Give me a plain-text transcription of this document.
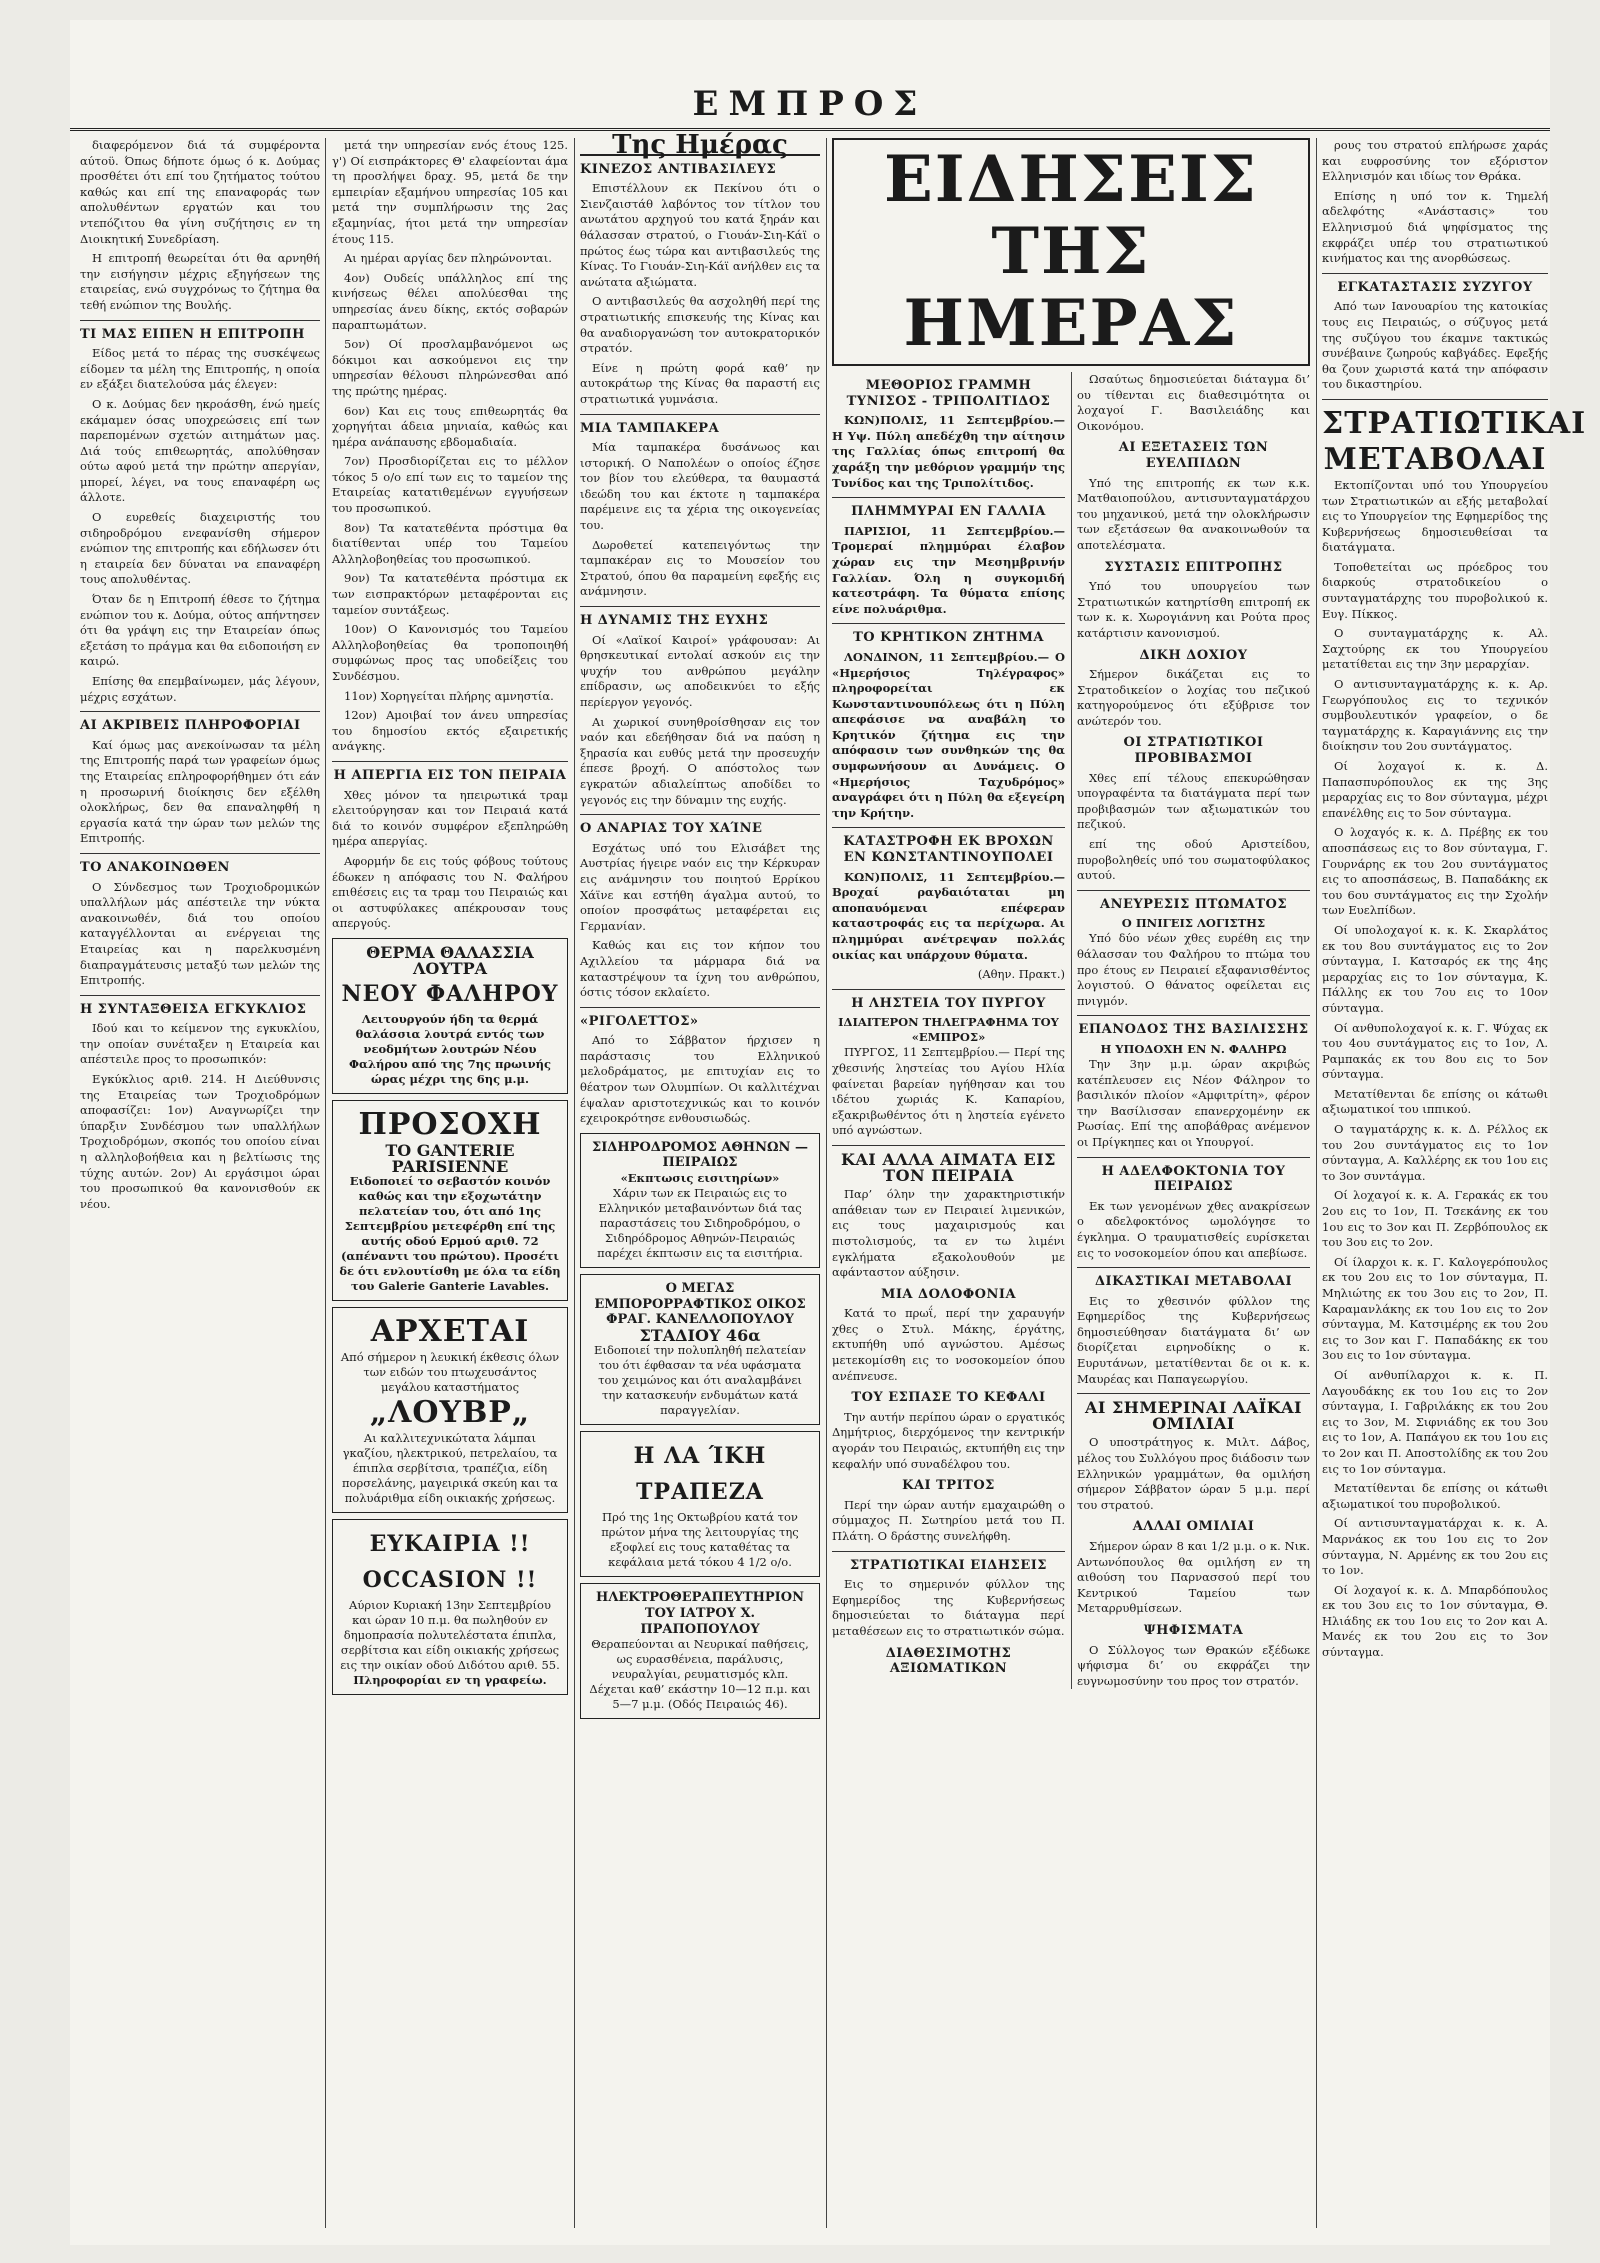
ΕΜΠΡΟΣ

διαφερόμενον διά τά συμφέροντα αύτοϋ. Όπως δήποτε όμως ό κ. Δούμας προσθέτει ότι επί του ζητήματος τούτου καθώς και επί της επαναφοράς των απολυθέντων εργατών και του ντεπόζιτου θα γίνη συζήτησις εν τη Διοικητική Συνεδρίαση.

Η επιτροπή θεωρείται ότι θα αρνηθή την εισήγησιν μέχρις εξηγήσεων της εταιρείας, ενώ συγχρόνως το ζήτημα θα τεθή ενώπιον της Βουλής.

ΤΙ ΜΑΣ ΕΙΠΕΝ Η ΕΠΙΤΡΟΠΗ

Είδος μετά το πέρας της συσκέψεως είδομεν τα μέλη της Επιτροπής, η οποία εν εξάξει διατελούσα μάς έλεγεν:

Ο κ. Δούμας δεν ηκροάσθη, ένώ ημείς εκάμαμεν όσας υποχρεώσεις επί των παρεπομένων σχετών αιτημάτων μας. Διά τούς επιθεωρητάς, απολύθησαν ούτω αφού μετά την πρώτην απεργίαν, μπορεί, λέγει, να τους επαναφέρη ως άλλοτε.

Ο ευρεθείς διαχειριστής του σιδηροδρόμου ενεφανίσθη σήμερον ενώπιον της επιτροπής και εδήλωσεν ότι η εταιρεία δεν δύναται να επαναφέρη τους απολυθέντας.

Όταν δε η Επιτροπή έθεσε το ζήτημα ενώπιον του κ. Δούμα, ούτος απήντησεν ότι θα γράψη εις την Εταιρείαν όπως εξετάση το πράγμα και θα ειδοποιήση εν καιρώ.

Επίσης θα επεμβαίνωμεν, μάς λέγουν, μέχρις εσχάτων.

ΑΙ ΑΚΡΙΒΕΙΣ ΠΛΗΡΟΦΟΡΙΑΙ

Καί όμως μας ανεκοίνωσαν τα μέλη της Επιτροπής παρά των γραφείων όμως της Εταιρείας επληροφορήθημεν ότι εάν η προσωρινή διοίκησις δεν εξέλθη ολοκλήρως, δεν θα επαναληφθή η εργασία κατά την ώραν των μελών της Επιτροπής.

ΤΟ ΑΝΑΚΟΙΝΩΘΕΝ

Ο Σύνδεσμος των Τροχιοδρομικών υπαλλήλων μάς απέστειλε την νύκτα ανακοινωθέν, διά του οποίου καταγγέλλονται αι ενέργειαι της Εταιρείας και η παρελκυσμένη διαπραγμάτευσις μεταξύ των μελών της Επιτροπής.

Η ΣΥΝΤΑΞΘΕΙΣΑ ΕΓΚΥΚΛΙΟΣ

Ιδού και το κείμενον της εγκυκλίου, την οποίαν συνέταξεν η Εταιρεία και απέστειλε προς το προσωπικόν:

Εγκύκλιος αριθ. 214. Η Διεύθυνσις της Εταιρείας των Τροχιοδρόμων αποφασίζει: 1ον) Αναγνωρίζει την ύπαρξιν Συνδέσμου των υπαλλήλων Τροχιοδρόμων, σκοπός του οποίου είναι η αλληλοβοήθεια και η βελτίωσις της τύχης αυτών. 2ον) Αι εργάσιμοι ώραι του προσωπικού θα κανονισθούν εκ νέου.

μετά την υπηρεσίαν ενός έτους 125. γ') Οί εισπράκτορες Θ' ελαφείονται άμα τη προσλήψει δραχ. 95, μετά δε την εμπειρίαν εξαμήνου υπηρεσίας 105 και μετά την συμπλήρωσιν της 2ας εξαμηνίας, ήτοι μετά την υπηρεσίαν έτους 115.

Αι ημέραι αργίας δεν πληρώνονται.

4ον) Ουδείς υπάλληλος επί της κινήσεως θέλει απολύεσθαι της υπηρεσίας άνευ δίκης, εκτός σοβαρών παραπτωμάτων.

5ον) Οί προσλαμβανόμενοι ως δόκιμοι και ασκούμενοι εις την υπηρεσίαν θέλουσι πληρώνεσθαι από της πρώτης ημέρας.

6ον) Και εις τους επιθεωρητάς θα χορηγήται άδεια μηνιαία, καθώς και ημέρα ανάπαυσης εβδομαδιαία.

7ον) Προσδιορίζεται εις το μέλλον τόκος 5 ο/ο επί των εις το ταμείον της Εταιρείας κατατιθεμένων εγγυήσεων του προσωπικού.

8ον) Τα κατατεθέντα πρόστιμα θα διατίθενται υπέρ του Ταμείου Αλληλοβοηθείας του προσωπικού.

9ον) Τα κατατεθέντα πρόστιμα εκ των εισπρακτόρων μεταφέρονται εις ταμείον συντάξεως.

10ον) Ο Κανονισμός του Ταμείου Αλληλοβοηθείας θα τροποποιηθή συμφώνως προς τας υποδείξεις του Συνδέσμου.

11ον) Χορηγείται πλήρης αμνηστία.

12ον) Αμοιβαί τον άνευ υπηρεσίας του δημοσίου εκτός εξαιρετικής ανάγκης.

Η ΑΠΕΡΓΙΑ ΕΙΣ ΤΟΝ ΠΕΙΡΑΙΑ

Χθες μόνον τα ηπειρωτικά τραμ ελειτούργησαν και τον Πειραιά κατά διά το κοινόν συμφέρον εξεπληρώθη ημέρα απεργίας.

Αφορμήν δε εις τούς φόβους τούτους έδωκεν η απόφασις του Ν. Φαλήρου επιθέσεις εις τα τραμ του Πειραιώς και οι αστυφύλακες απέκρουσαν τους απεργούς.

ΘΕΡΜΑ ΘΑΛΑΣΣΙΑ ΛΟΥΤΡΑ
ΝΕΟΥ ΦΑΛΗΡΟΥ
Λειτουργούν ήδη τα θερμά θαλάσσια λουτρά εντός των νεοδμήτων λουτρών Νέου Φαλήρου από της 7ης πρωινής ώρας μέχρι της 6ης μ.μ.
ΠΡΟΣΟΧΗ
ΤΟ GANTERIE PARISIENNE
Ειδοποιεί το σεβαστόν κοινόν καθώς και την εξοχωτάτην πελατείαν του, ότι από 1ης Σεπτεμβρίου μετεφέρθη επί της αυτής οδού Ερμού αριθ. 72 (απέναντι του πρώτου). Προσέτι δε ότι ενλουτίσθη με όλα τα είδη του Galerie Ganterie Lavables.
ΑΡΧΕΤΑΙ
Από σήμερον η λευκική έκθεσις όλων των ειδών του πτωχευσάντος μεγάλου καταστήματος
„ΛΟΥΒΡ„
Αι καλλιτεχνικώτατα λάμπαι γκαζίου, ηλεκτρικού, πετρελαίου, τα έπιπλα σερβίτσια, τραπέζια, είδη πορσελάνης, μαγειρικά σκεύη και τα πολυάριθμα είδη οικιακής χρήσεως.
ΕΥΚΑΙΡΙΑ !! OCCASION !!
Αύριον Κυριακή 13ην Σεπτεμβρίου και ώραν 10 π.μ. θα πωληθούν εν δημοπρασία πολυτελέστατα έπιπλα, σερβίτσια και είδη οικιακής χρήσεως εις την οικίαν οδού Διδότου αριθ. 55.
Πληροφορίαι εν τη γραφείω.
Της Ημέρας
ΚΙΝΕΖΟΣ ΑΝΤΙΒΑΣΙΛΕΥΣ

Επιστέλλουν εκ Πεκίνου ότι ο Σιενζαιστάθ λαβόντος τον τίτλον του ανωτάτου αρχηγού του κατά ξηράν και θάλασσαν στρατού, ο Γιουάν-Σιη-Κάϊ ο πρώτος έως τώρα και αντιβασιλεύς της Κίνας. Το Γιουάν-Σιη-Κάϊ ανήλθεν εις τα ανώτατα αξιώματα.

Ο αντιβασιλεύς θα ασχοληθή περί της στρατιωτικής επισκευής της Κίνας και θα αναδιοργανώση τον αυτοκρατορικόν στρατόν.

Είνε η πρώτη φορά καθ’ ην αυτοκράτωρ της Κίνας θα παραστή εις στρατιωτικά γυμνάσια.

ΜΙΑ ΤΑΜΠΑΚΕΡΑ

Μία ταμπακέρα δυσάνωος και ιστορική. Ο Ναπολέων ο οποίος έζησε τον βίον του ελεύθερα, τα θαυμαστά ιδεώδη του και έκτοτε η ταμπακέρα παρέμεινε εις τα χέρια της οικογενείας του.

Δωροθετεί κατεπειγόντως την ταμπακέραν εις το Μουσείον του Στρατού, όπου θα παραμείνη εφεξής εις ανάμνησιν.

Η ΔΥΝΑΜΙΣ ΤΗΣ ΕΥΧΗΣ

Οί «Λαϊκοί Καιροί» γράφουσαν: Αι θρησκευτικαί εντολαί ασκούν εις την ψυχήν του ανθρώπου μεγάλην επίδρασιν, ως αποδεικνύει το εξής περίεργον γεγονός.

Αι χωρικοί συνηθροίσθησαν εις τον ναόν και εδεήθησαν διά να παύση η ξηρασία και ευθύς μετά την προσευχήν έπεσε βροχή. Ο απόστολος των εγκρατών αδιαλείπτως αποδίδει το γεγονός εις την δύναμιν της ευχής.

Ο ΑΝΑΡΙΑΣ ΤΟΥ ΧΑΊΝΕ

Εσχάτως υπό του Ελισάβετ της Αυστρίας ήγειρε ναόν εις την Κέρκυραν εις ανάμνησιν του ποιητού Ερρίκου Χάϊνε και εστήθη άγαλμα αυτού, το οποίον προσφάτως μεταφέρεται εις Γερμανίαν.

Καθώς και εις τον κήπον του Αχιλλείου τα μάρμαρα διά να καταστρέψουν τα ίχνη του ανθρώπου, όστις τόσον εκλαίετο.

«ΡΙΓΟΛΕΤΤΟΣ»

Από το Σάββατον ήρχισεν η παράστασις του Ελληνικού μελοδράματος, με επιτυχίαν εις το θέατρον των Ολυμπίων. Οι καλλιτέχναι έψαλαν αριστοτεχνικώς και το κοινόν εχειροκρότησε ενθουσιωδώς.

ΣΙΔΗΡΟΔΡΟΜΟΣ ΑΘΗΝΩΝ — ΠΕΙΡΑΙΩΣ
«Εκπτωσις εισιτηρίων»
Χάριν των εκ Πειραιώς εις το Ελληνικόν μεταβαινόντων διά τας παραστάσεις του Σιδηροδρόμου, ο Σιδηρόδρομος Αθηνών-Πειραιώς παρέχει έκπτωσιν εις τα εισιτήρια.
Ο ΜΕΓΑΣ ΕΜΠΟΡΟΡΡΑΦΤΙΚΟΣ ΟΙΚΟΣ ΦΡΑΓ. ΚΑΝΕΛΛΟΠΟΥΛΟΥ
ΣΤΑΔΙΟΥ 46α
Ειδοποιεί την πολυπληθή πελατείαν του ότι έφθασαν τα νέα υφάσματα του χειμώνος και ότι αναλαμβάνει την κατασκευήν ενδυμάτων κατά παραγγελίαν.
Η ΛΑ ΊΚΗ ΤΡΑΠΕΖΑ
Πρό της 1ης Οκτωβρίου κατά τον πρώτον μήνα της λειτουργίας της εξοφλεί εις τους καταθέτας τα κεφάλαια μετά τόκου 4 1/2 ο/ο.
ΗΛΕΚΤΡΟΘΕΡΑΠΕΥΤΗΡΙΟΝ ΤΟΥ ΙΑΤΡΟΥ Χ. ΠΡΑΠΟΠΟΥΛΟΥ
Θεραπεύονται αι Νευρικαί παθήσεις, ως ευρασθένεια, παράλυσις, νευραλγίαι, ρευματισμός κλπ. Δέχεται καθ’ εκάστην 10—12 π.μ. και 5—7 μ.μ. (Οδός Πειραιώς 46).
ΕΙΔΗΣΕΙΣ ΤΗΣ ΗΜΕΡΑΣ
ΜΕΘΟΡΙΟΣ ΓΡΑΜΜΗ ΤΥΝΙΣΟΣ - ΤΡΙΠΟΛΙΤΙΔΟΣ

ΚΩΝ)ΠΟΛΙΣ, 11 Σεπτεμβρίου.— Η Υψ. Πύλη απεδέχθη την αίτησιν της Γαλλίας όπως επιτροπή θα χαράξη την μεθόριον γραμμήν της Τυνίδος και της Τριπολίτιδος.

ΠΛΗΜΜΥΡΑΙ ΕΝ ΓΑΛΛΙΑ

ΠΑΡΙΣΙΟΙ, 11 Σεπτεμβρίου.— Τρομεραί πλημμύραι έλαβον χώραν εις την Μεσημβρινήν Γαλλίαν. Όλη η συγκομιδή κατεστράφη. Τα θύματα επίσης είνε πολυάριθμα.

ΤΟ ΚΡΗΤΙΚΟΝ ΖΗΤΗΜΑ

ΛΟΝΔΙΝΟΝ, 11 Σεπτεμβρίου.— Ο «Ημερήσιος Τηλέγραφος» πληροφορείται εκ Κωνσταντινουπόλεως ότι η Πύλη απεφάσισε να αναβάλη το Κρητικόν ζήτημα εις την απόφασιν των συνθηκών της θα συμφωνήσουν αι Δυνάμεις. Ο «Ημερήσιος Ταχυδρόμος» αναγράφει ότι η Πύλη θα εξεγείρη την Κρήτην.

ΚΑΤΑΣΤΡΟΦΗ ΕΚ ΒΡΟΧΩΝ ΕΝ ΚΩΝΣΤΑΝΤΙΝΟΥΠΟΛΕΙ

ΚΩΝ)ΠΟΛΙΣ, 11 Σεπτεμβρίου.— Βροχαί ραγδαιόταται μη αποπαυόμεναι επέφεραν καταστροφάς εις τα περίχωρα. Αι πλημμύραι ανέτρεψαν πολλάς οικίας και υπάρχουν θύματα.

(Αθην. Πρακτ.)

Η ΛΗΣΤΕΙΑ ΤΟΥ ΠΥΡΓΟΥ
ΙΔΙΑΙΤΕΡΟΝ ΤΗΛΕΓΡΑΦΗΜΑ ΤΟΥ «ΕΜΠΡΟΣ»

ΠΥΡΓΟΣ, 11 Σεπτεμβρίου.— Περί της χθεσινής ληστείας του Αγίου Ηλία φαίνεται βαρείαν ηγήθησαν και του ιδέτου χωριάς Κ. Καπαρίου, εξακριβωθέντος ότι η ληστεία εγένετο υπό αγνώστων.

ΚΑΙ ΑΛΛΑ ΑΙΜΑΤΑ ΕΙΣ ΤΟΝ ΠΕΙΡΑΙΑ

Παρ’ όλην την χαρακτηριστικήν απάθειαν των εν Πειραιεί λιμενικών, εις τους μαχαιρισμούς και πιστολισμούς, τα εν τω λιμένι εγκλήματα εξακολουθούν με αφάνταστον αύξησιν.

ΜΙΑ ΔΟΛΟΦΟΝΙΑ

Κατά το πρωΐ, περί την χαραυγήν χθες ο Στυλ. Μάκης, έργάτης, εκτυπήθη υπό αγνώστου. Αμέσως μετεκομίσθη εις το νοσοκομείον όπου ανέπνευσε.

ΤΟΥ ΕΣΠΑΣΕ ΤΟ ΚΕΦΑΛΙ

Την αυτήν περίπου ώραν ο εργατικός Δημήτριος, διερχόμενος την κεντρικήν αγοράν του Πειραιώς, εκτυπήθη εις την κεφαλήν υπό συναδέλφου του.

ΚΑΙ ΤΡΙΤΟΣ

Περί την ώραν αυτήν εμαχαιρώθη ο σύμμαχος Π. Σωτηρίου μετά του Π. Πλάτη. Ο δράστης συνελήφθη.

ΣΤΡΑΤΙΩΤΙΚΑΙ ΕΙΔΗΣΕΙΣ

Εις το σημερινόν φύλλον της Εφημερίδος της Κυβερνήσεως δημοσιεύεται το διάταγμα περί μεταθέσεων εις το στρατιωτικόν σώμα.

ΔΙΑΘΕΣΙΜΟΤΗΣ ΑΞΙΩΜΑΤΙΚΩΝ

Ωσαύτως δημοσιεύεται διάταγμα δι’ ου τίθενται εις διαθεσιμότητα οι λοχαγοί Γ. Βασιλειάδης και Οικονόμου.

ΑΙ ΕΞΕΤΑΣΕΙΣ ΤΩΝ ΕΥΕΛΠΙΔΩΝ

Υπό της επιτροπής εκ των κ.κ. Ματθαιοπούλου, αντισυνταγματάρχου του μηχανικού, μετά την ολοκλήρωσιν των εξετάσεων θα ανακοινωθούν τα αποτελέσματα.

ΣΥΣΤΑΣΙΣ ΕΠΙΤΡΟΠΗΣ

Υπό του υπουργείου των Στρατιωτικών κατηρτίσθη επιτροπή εκ των κ. κ. Χωρογιάννη και Ρούτα προς κατάρτισιν κανονισμού.

ΔΙΚΗ ΔΟΧΙΟΥ

Σήμερον δικάζεται εις το Στρατοδικείον ο λοχίας του πεζικού κατηγορούμενος ότι εξύβρισε τον ανώτερόν του.

ΟΙ ΣΤΡΑΤΙΩΤΙΚΟΙ ΠΡΟΒΙΒΑΣΜΟΙ

Χθες επί τέλους επεκυρώθησαν υπογραφέντα τα διατάγματα περί των προβιβασμών των αξιωματικών του πεζικού.

επί της οδού Αριστείδου, πυροβοληθείς υπό του σωματοφύλακος αυτού.

ΑΝΕΥΡΕΣΙΣ ΠΤΩΜΑΤΟΣ
Ο ΠΝΙΓΕΙΣ ΛΟΓΙΣΤΗΣ

Υπό δύο νέων χθες ευρέθη εις την θάλασσαν του Φαλήρου το πτώμα του προ έτους εν Πειραιεί εξαφανισθέντος λογιστού. Ο θάνατος οφείλεται εις πνιγμόν.

ΕΠΑΝΟΔΟΣ ΤΗΣ ΒΑΣΙΛΙΣΣΗΣ
Η ΥΠΟΔΟΧΗ ΕΝ Ν. ΦΑΛΗΡΩ

Την 3ην μ.μ. ώραν ακριβώς κατέπλευσεν εις Νέον Φάληρον το βασιλικόν πλοίον «Αμφιτρίτη», φέρον την Βασίλισσαν επανερχομένην εκ Ρωσίας. Επί της αποβάθρας ανέμενον οι Πρίγκηπες και οι Υπουργοί.

Η ΑΔΕΛΦΟΚΤΟΝΙΑ ΤΟΥ ΠΕΙΡΑΙΩΣ

Εκ των γενομένων χθες ανακρίσεων ο αδελφοκτόνος ωμολόγησε το έγκλημα. Ο τραυματισθείς ευρίσκεται εις το νοσοκομείον όπου και απεβίωσε.

ΔΙΚΑΣΤΙΚΑΙ ΜΕΤΑΒΟΛΑΙ

Εις το χθεσινόν φύλλον της Εφημερίδος της Κυβερνήσεως δημοσιεύθησαν διατάγματα δι’ ων διορίζεται ειρηνοδίκης ο κ. Ευρυτάνων, μετατίθενται δε οι κ. κ. Μαυρέας και Παπαγεωργίου.

ΑΙ ΣΗΜΕΡΙΝΑΙ ΛΑΪΚΑΙ ΟΜΙΛΙΑΙ

Ο υποστράτηγος κ. Μιλτ. Δάβος, μέλος του Συλλόγου προς διάδοσιν των Ελληνικών γραμμάτων, θα ομιλήση σήμερον Σάββατον ώραν 5 μ.μ. περί του στρατού.

ΑΛΛΑΙ ΟΜΙΛΙΑΙ

Σήμερον ώραν 8 και 1/2 μ.μ. ο κ. Νικ. Αντωνόπουλος θα ομιλήση εν τη αιθούση του Παρνασσού περί του Κεντρικού Ταμείου των Μεταρρυθμίσεων.

ΨΗΦΙΣΜΑΤΑ

Ο Σύλλογος των Θρακών εξέδωκε ψήφισμα δι’ ου εκφράζει την ευγνωμοσύνην του προς τον στρατόν.

ρους του στρατού επλήρωσε χαράς και ευφροσύνης τον εξόριστον Ελληνισμόν και ιδίως τον Θράκα.

Επίσης η υπό τον κ. Τημελή αδελφότης «Ανάστασις» του Ελληνισμού διά ψηφίσματος της εκφράζει υπέρ του στρατιωτικού κινήματος και της ανορθώσεως.

ΕΓΚΑΤΑΣΤΑΣΙΣ ΣΥΖΥΓΟΥ

Από των Ιανουαρίου της κατοικίας τους εις Πειραιώς, ο σύζυγος μετά της συζύγου του έκαμνε τακτικώς συνέβαινε ζωηρούς καβγάδες. Εφεξής θα ζουν χωριστά κατά την απόφασιν του δικαστηρίου.

ΣΤΡΑΤΙΩΤΙΚΑΙ ΜΕΤΑΒΟΛΑΙ

Εκτοπίζονται υπό του Υπουργείου των Στρατιωτικών αι εξής μεταβολαί εις το Υπουργείον της Εφημερίδος της Κυβερνήσεως δημοσιευθείσαι τα διατάγματα.

Τοποθετείται ως πρόεδρος του διαρκούς στρατοδικείου ο συνταγματάρχης του πυροβολικού κ. Ευγ. Πίκκος.

Ο συνταγματάρχης κ. Αλ. Σαχτούρης εκ του Υπουργείου μετατίθεται εις την 3ην μεραρχίαν.

Ο αντισυνταγματάρχης κ. κ. Αρ. Γεωργόπουλος εις το τεχνικόν συμβουλευτικόν γραφείον, ο δε ταγματάρχης κ. Καραγιάννης εις την διοίκησιν του 2ου συντάγματος.

Οί λοχαγοί κ. κ. Δ. Παπασπυρόπουλος εκ της 3ης μεραρχίας εις το 8ον σύνταγμα, μέχρι επανέλθης εις το 5ον σύνταγμα.

Ο λοχαγός κ. κ. Δ. Πρέβης εκ του αποσπάσεως εις το 8ον σύνταγμα, Γ. Γουρνάρης εκ του 2ου συντάγματος εις το αποσπάσεως, Β. Παπαδάκης εκ του 6ου συντάγματος εις την Σχολήν των Ευελπίδων.

Οί υπολοχαγοί κ. κ. Κ. Σκαρλάτος εκ του 8ου συντάγματος εις το 2ον σύνταγμα, Ι. Κατσαρός εκ της 4ης μεραρχίας εις το 1ον σύνταγμα, Κ. Πάλλης εκ του 7ου εις το 10ον σύνταγμα.

Οί ανθυπολοχαγοί κ. κ. Γ. Ψύχας εκ του 4ου συντάγματος εις το 1ον, Λ. Ραμπακάς εκ του 8ου εις το 5ον σύνταγμα.

Μετατίθενται δε επίσης οι κάτωθι αξιωματικοί του ιππικού.

Ο ταγματάρχης κ. κ. Δ. Ρέλλος εκ του 2ου συντάγματος εις το 1ον σύνταγμα, Α. Καλλέρης εκ του 1ου εις το 3ον συντάγμα.

Οί λοχαγοί κ. κ. Α. Γερακάς εκ του 2ου εις το 1ον, Π. Τσεκάνης εκ του 1ου εις το 3ον και Π. Ζερβόπουλος εκ του 3ου εις το 2ον.

Οί ίλαρχοι κ. κ. Γ. Καλογερόπουλος εκ του 2ου εις το 1ον σύνταγμα, Π. Μηλιώτης εκ του 3ου εις το 2ον, Π. Καραμανλάκης εκ του 1ου εις το 2ον σύνταγμα, Μ. Κατσιμέρης εκ του 2ου εις το 3ον και Γ. Παπαδάκης εκ του 3ου εις το 1ον σύνταγμα.

Οί ανθυπίλαρχοι κ. κ. Π. Λαγουδάκης εκ του 1ου εις το 2ον σύνταγμα, Ι. Γαβριλάκης εκ του 2ου εις το 3ον, Μ. Σιφνιάδης εκ του 3ου εις το 1ον, Α. Παπάγου εκ του 1ου εις το 2ον και Π. Αποστολίδης εκ του 2ου εις το 1ον σύνταγμα.

Μετατίθενται δε επίσης οι κάτωθι αξιωματικοί του πυροβολικού.

Οί αντισυνταγματάρχαι κ. κ. Α. Μαρνάκος εκ του 1ου εις το 2ον σύνταγμα, Ν. Αρμένης εκ του 2ου εις το 1ον.

Οί λοχαγοί κ. κ. Δ. Μπαρδόπουλος εκ του 3ου εις το 1ον σύνταγμα, Θ. Ηλιάδης εκ του 1ου εις το 2ον και Α. Μανές εκ του 2ου εις το 3ον σύνταγμα.
